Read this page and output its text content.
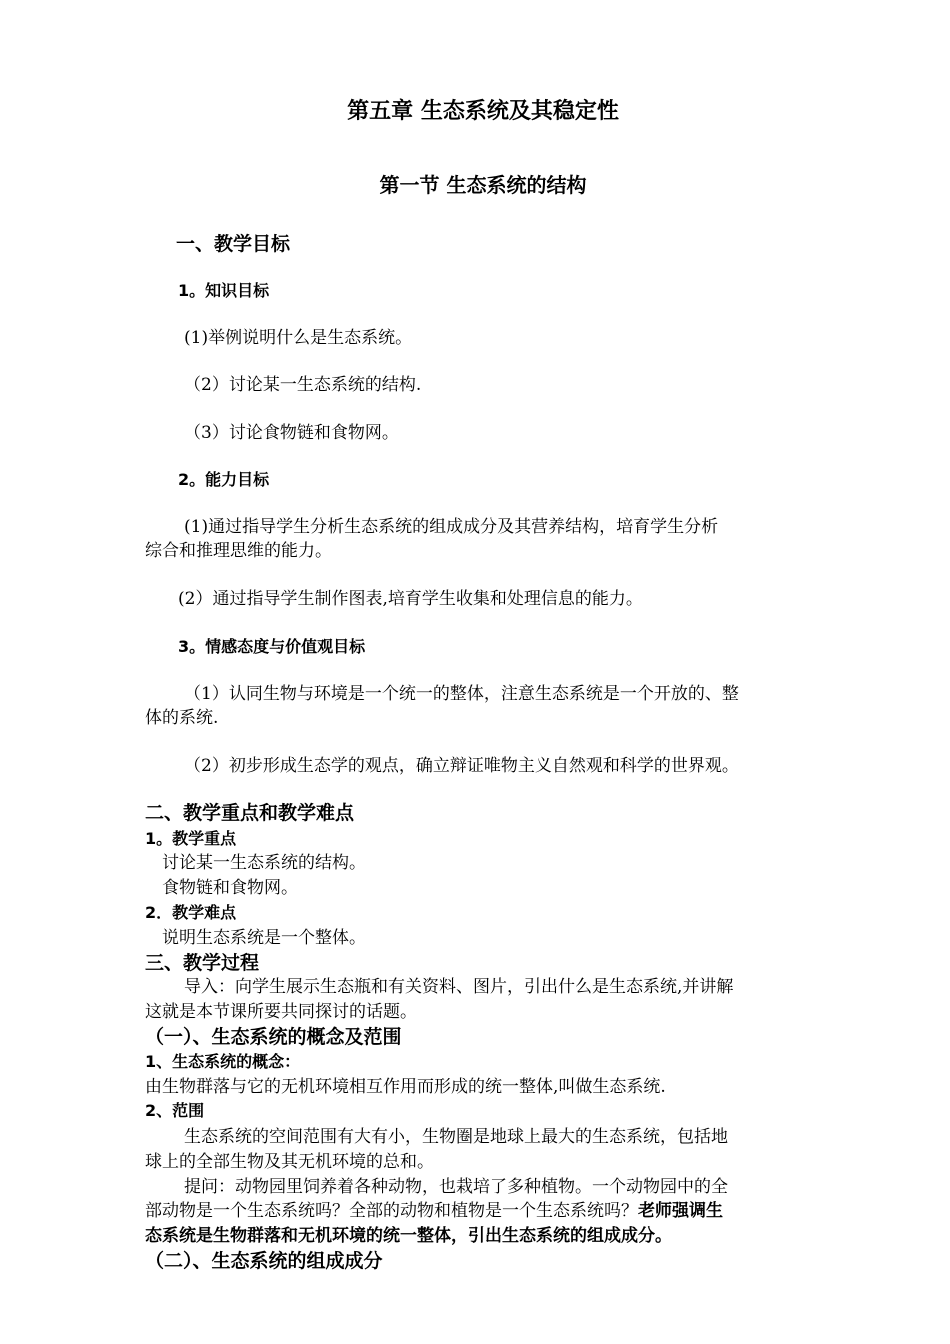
第五章 生态系统及其稳定性
第一节 生态系统的结构
一、教学目标
1。知识目标
(1)举例说明什么是生态系统。
（2）讨论某一生态系统的结构.
（3）讨论食物链和食物网。
2。能力目标
(1)通过指导学生分析生态系统的组成成分及其营养结构，培育学生分析
综合和推理思维的能力。
(2）通过指导学生制作图表,培育学生收集和处理信息的能力。
3。情感态度与价值观目标
（1）认同生物与环境是一个统一的整体，注意生态系统是一个开放的、整
体的系统.
（2）初步形成生态学的观点，确立辩证唯物主义自然观和科学的世界观。
二、教学重点和教学难点
1。教学重点
讨论某一生态系统的结构。
食物链和食物网。
2．教学难点
说明生态系统是一个整体。
三、教学过程
导入：向学生展示生态瓶和有关资料、图片，引出什么是生态系统,并讲解
这就是本节课所要共同探讨的话题。
（一）、生态系统的概念及范围
1、生态系统的概念：
由生物群落与它的无机环境相互作用而形成的统一整体,叫做生态系统.
2、范围
生态系统的空间范围有大有小，生物圈是地球上最大的生态系统，包括地
球上的全部生物及其无机环境的总和。
提问：动物园里饲养着各种动物，也栽培了多种植物。一个动物园中的全
部动物是一个生态系统吗？全部的动物和植物是一个生态系统吗？老师强调生
态系统是生物群落和无机环境的统一整体，引出生态系统的组成成分。
（二）、生态系统的组成成分
